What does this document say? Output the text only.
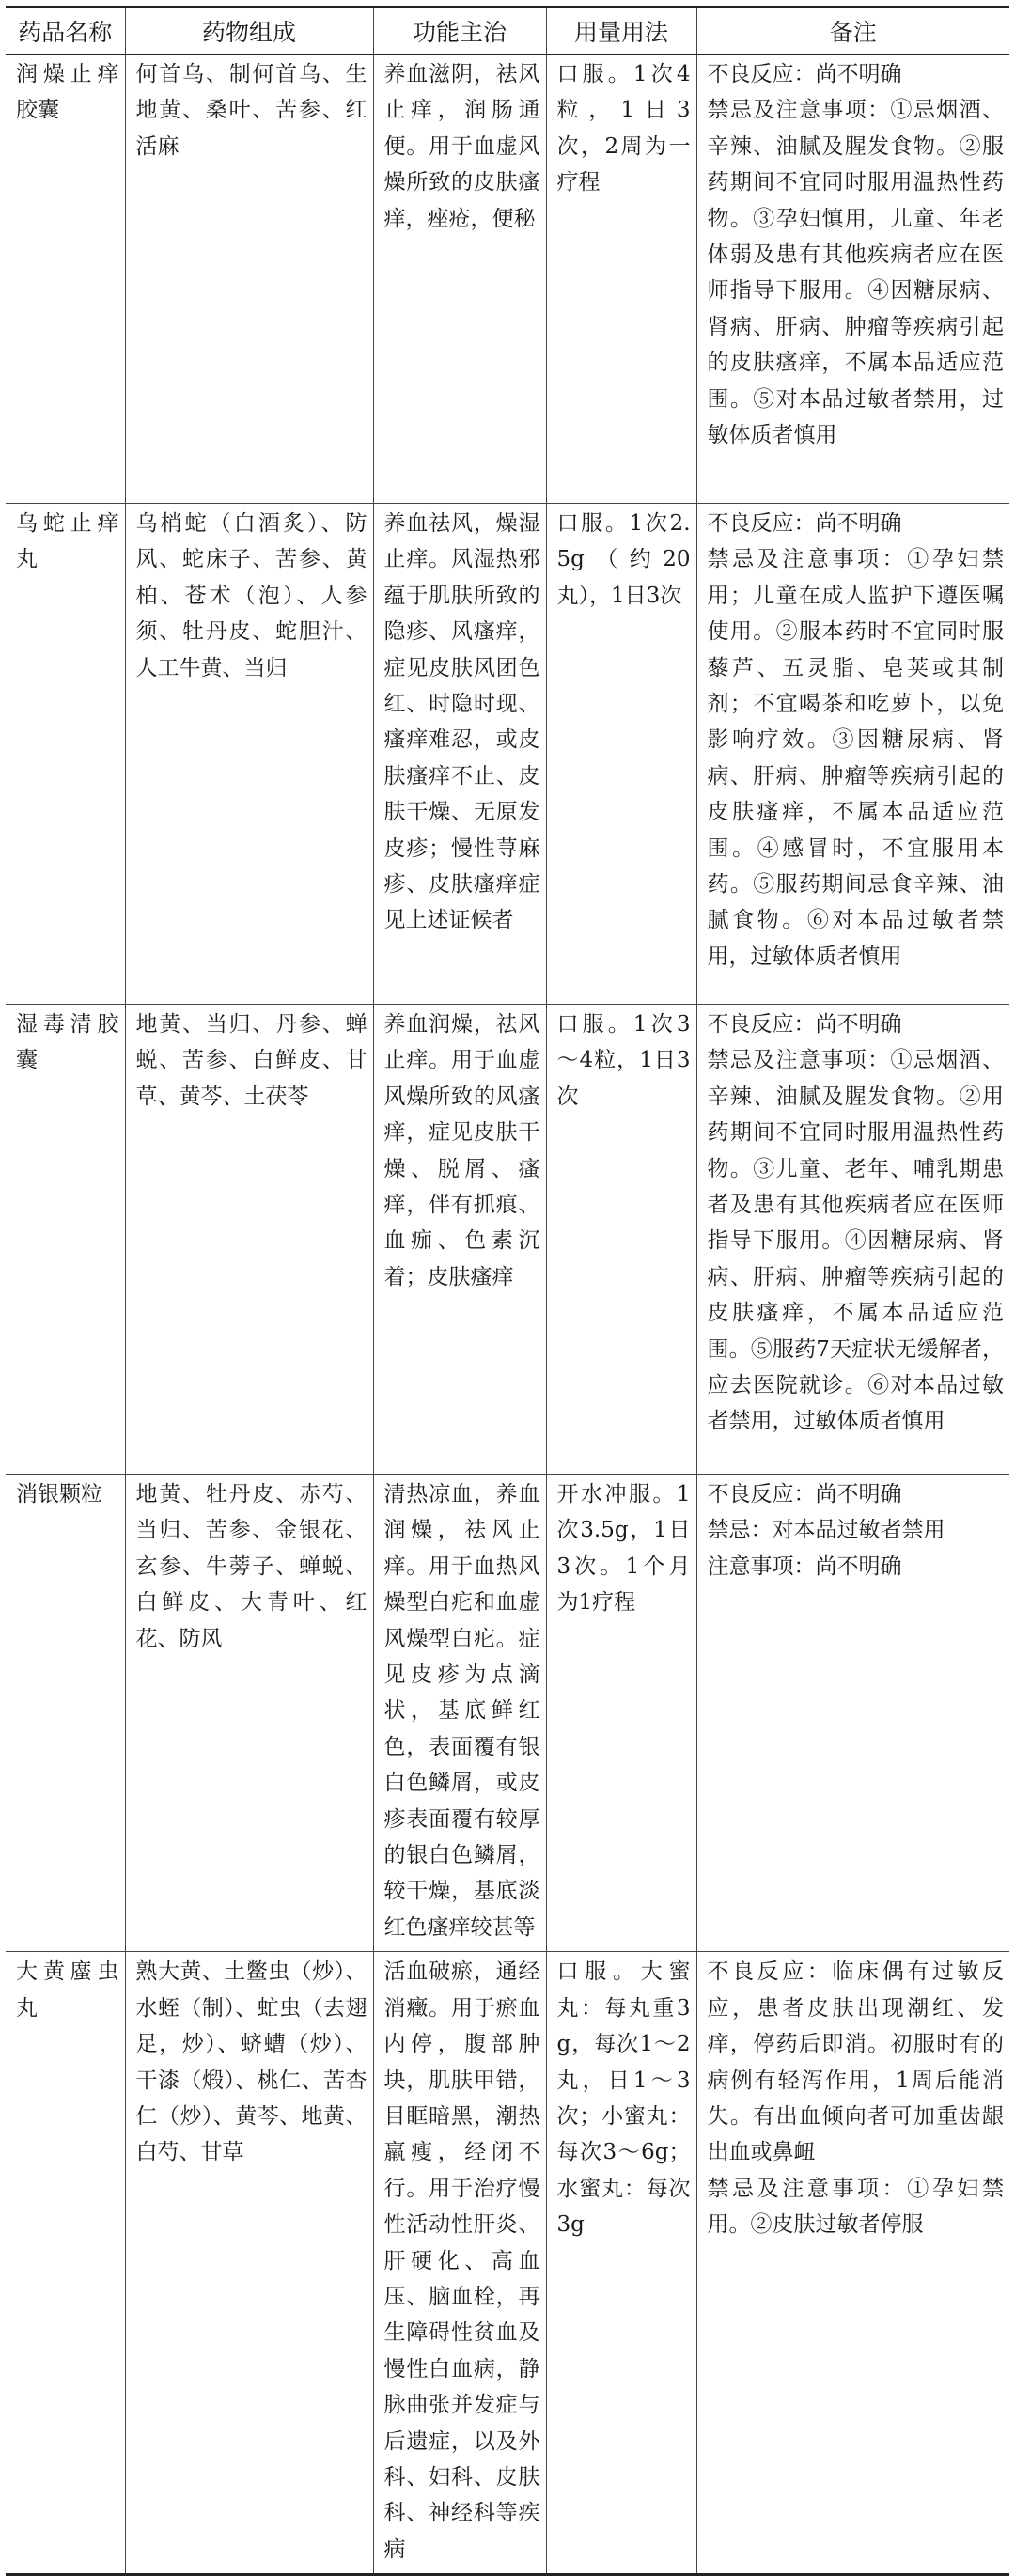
药品名称	药物组成	功能主治	用量用法	备注
润燥止痒胶囊	何首乌、制何首乌、生地黄、桑叶、苦参、红活麻	养血滋阴，祛风止痒，润肠通便。用于血虚风燥所致的皮肤瘙痒，痤疮，便秘	口服。1次4粒，1日3次，2周为一疗程	不良反应：尚不明确
禁忌及注意事项：①忌烟酒、辛辣、油腻及腥发食物。②服药期间不宜同时服用温热性药物。③孕妇慎用，儿童、年老体弱及患有其他疾病者应在医师指导下服用。④因糖尿病、肾病、肝病、肿瘤等疾病引起的皮肤瘙痒，不属本品适应范围。⑤对本品过敏者禁用，过敏体质者慎用

乌蛇止痒丸	乌梢蛇（白酒炙）、防风、蛇床子、苦参、黄柏、苍术（泡）、人参须、牡丹皮、蛇胆汁、人工牛黄、当归	养血祛风，燥湿止痒。风湿热邪蕴于肌肤所致的隐疹、风瘙痒，症见皮肤风团色红、时隐时现、瘙痒难忍，或皮肤瘙痒不止、皮肤干燥、无原发皮疹；慢性荨麻疹、皮肤瘙痒症见上述证候者	口服。1次2.5g（约20丸），1日3次	不良反应：尚不明确
禁忌及注意事项：①孕妇禁用；儿童在成人监护下遵医嘱使用。②服本药时不宜同时服藜芦、五灵脂、皂荚或其制剂；不宜喝茶和吃萝卜，以免影响疗效。③因糖尿病、肾病、肝病、肿瘤等疾病引起的皮肤瘙痒，不属本品适应范围。④感冒时，不宜服用本药。⑤服药期间忌食辛辣、油腻食物。⑥对本品过敏者禁用，过敏体质者慎用

湿毒清胶囊	地黄、当归、丹参、蝉蜕、苦参、白鲜皮、甘草、黄芩、土茯苓	养血润燥，祛风止痒。用于血虚风燥所致的风瘙痒，症见皮肤干燥、脱屑、瘙痒，伴有抓痕、血痂、色素沉着；皮肤瘙痒	口服。1次3～4粒，1日3次	不良反应：尚不明确
禁忌及注意事项：①忌烟酒、辛辣、油腻及腥发食物。②用药期间不宜同时服用温热性药物。③儿童、老年、哺乳期患者及患有其他疾病者应在医师指导下服用。④因糖尿病、肾病、肝病、肿瘤等疾病引起的皮肤瘙痒，不属本品适应范围。⑤服药7天症状无缓解者，应去医院就诊。⑥对本品过敏者禁用，过敏体质者慎用

消银颗粒	地黄、牡丹皮、赤芍、当归、苦参、金银花、玄参、牛蒡子、蝉蜕、白鲜皮、大青叶、红花、防风	清热凉血，养血润燥，祛风止痒。用于血热风燥型白疕和血虚风燥型白疕。症见皮疹为点滴状，基底鲜红色，表面覆有银白色鳞屑，或皮疹表面覆有较厚的银白色鳞屑，较干燥，基底淡红色瘙痒较甚等	开水冲服。1次3.5g，1日3次。1个月为1疗程	不良反应：尚不明确
禁忌：对本品过敏者禁用
注意事项：尚不明确

大黄䗪虫丸	熟大黄、土鳖虫（炒）、水蛭（制）、虻虫（去翅足，炒）、蛴螬（炒）、干漆（煅）、桃仁、苦杏仁（炒）、黄芩、地黄、白芍、甘草	活血破瘀，通经消癥。用于瘀血内停，腹部肿块，肌肤甲错，目眶暗黑，潮热羸瘦，经闭不行。用于治疗慢性活动性肝炎、肝硬化、高血压、脑血栓，再生障碍性贫血及慢性白血病，静脉曲张并发症与后遗症，以及外科、妇科、皮肤科、神经科等疾病	口服。大蜜丸：每丸重3g，每次1～2丸，日1～3次；小蜜丸：每次3～6g；水蜜丸：每次3g	不良反应：临床偶有过敏反应，患者皮肤出现潮红、发痒，停药后即消。初服时有的病例有轻泻作用，1周后能消失。有出血倾向者可加重齿龈出血或鼻衄
禁忌及注意事项：①孕妇禁用。②皮肤过敏者停服
